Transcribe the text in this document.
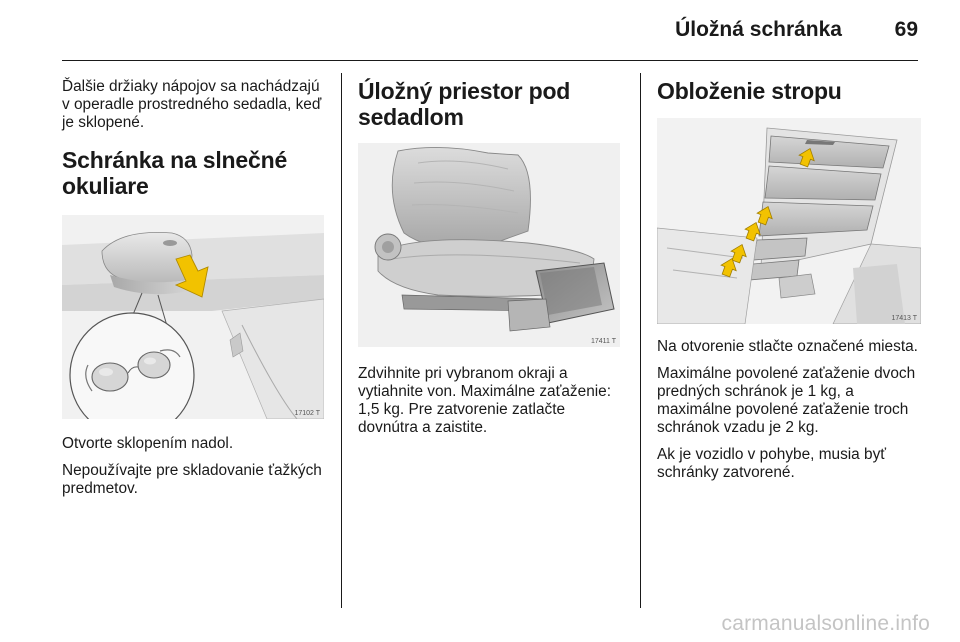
Úložná schránka	69

Ďalšie držiaky nápojov sa nachádzajú v operadle prostredného sedadla, keď je sklopené.

Schránka na slnečné okuliare
17102 T

Otvorte sklopením nadol.

Nepoužívajte pre skladovanie ťažkých predmetov.

Úložný priestor pod sedadlom
17411 T

Zdvihnite pri vybranom okraji a vytiahnite von. Maximálne zaťaženie: 1,5 kg. Pre zatvorenie zatlačte dovnútra a zaistite.

Obloženie stropu
17413 T

Na otvorenie stlačte označené miesta.

Maximálne povolené zaťaženie dvoch predných schránok je 1 kg, a maximálne povolené zaťaženie troch schránok vzadu je 2 kg.

Ak je vozidlo v pohybe, musia byť schránky zatvorené.

carmanualsonline.info
